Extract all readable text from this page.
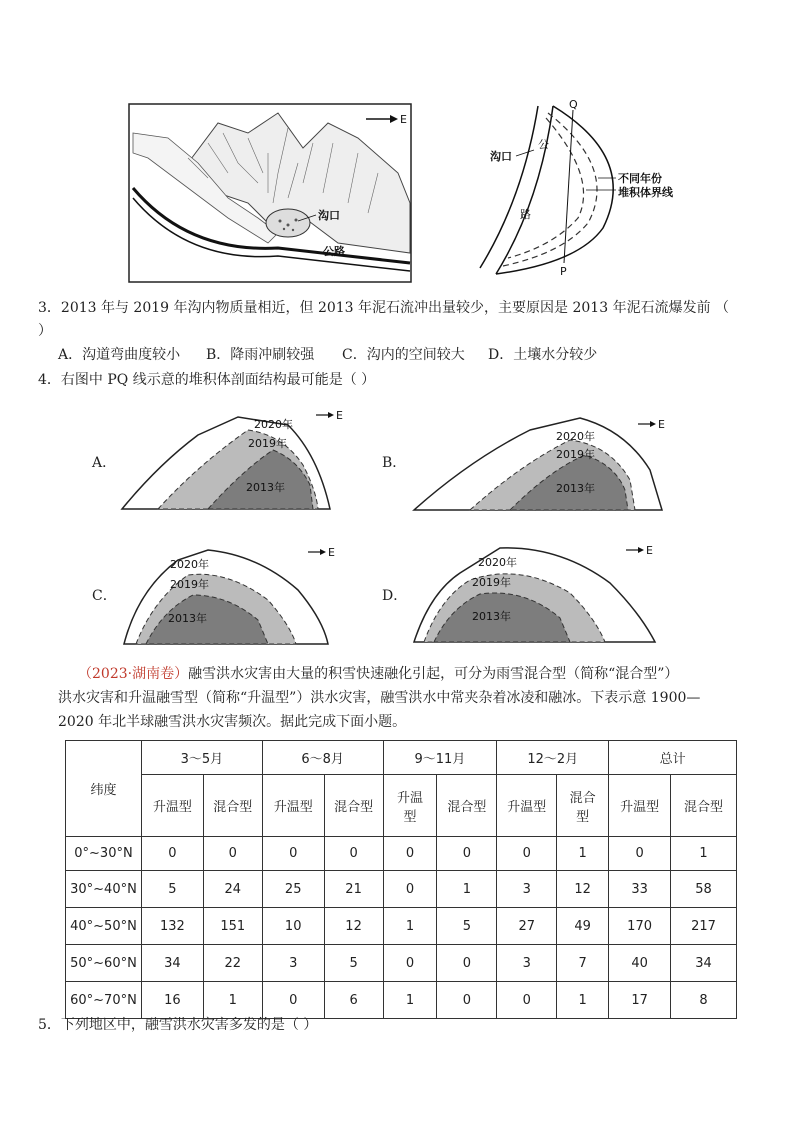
E
沟口
公路
Q
P
沟口
公
路
不同年份
堆积体界线
3．2013 年与 2019 年沟内物质量相近，但 2013 年泥石流冲出量较少，主要原因是 2013 年泥石流爆发前 （
）
A．沟道弯曲度较小 B．降雨冲刷较强 C．沟内的空间较大 D．土壤水分较少
4．右图中 PQ 线示意的堆积体剖面结构最可能是（ ）
A．
2020年
2019年
2013年
E
B．
2020年
2019年
2013年
E
C．
2020年
2019年
2013年
E
D．
2020年
2019年
2013年
E
（2023·湖南卷）融雪洪水灾害由大量的积雪快速融化引起，可分为雨雪混合型（简称“混合型”）
洪水灾害和升温融雪型（简称“升温型”）洪水灾害，融雪洪水中常夹杂着冰凌和融冰。下表示意 1900—
2020 年北半球融雪洪水灾害频次。据此完成下面小题。
纬度	3～5月		6～8月		9～11月		12～2月		总计	
	升温型	混合型	升温型	混合型	升温型	混合型	升温型	混合型	升温型	混合型
0°~30°N	0	0	0	0	0	0	0	1	0	1
30°~40°N	5	24	25	21	0	1	3	12	33	58
40°~50°N	132	151	10	12	1	5	27	49	170	217
50°~60°N	34	22	3	5	0	0	3	7	40	34
60°~70°N	16	1	0	6	1	0	0	1	17	8
5．下列地区中，融雪洪水灾害多发的是（ ）
